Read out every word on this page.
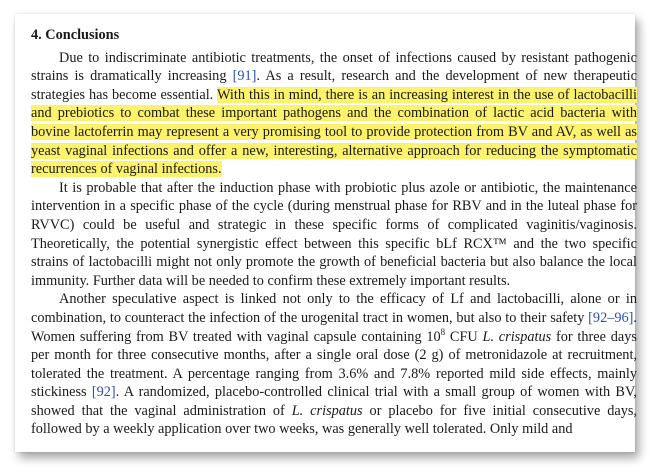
4. Conclusions

Due to indiscriminate antibiotic treatments, the onset of infections caused by resistant pathogenic strains is dramatically increasing [91]. As a result, research and the development of new therapeutic strategies has become essential. With this in mind, there is an increasing interest in the use of lactobacilli and prebiotics to combat these important pathogens and the combination of lactic acid bacteria with bovine lactoferrin may represent a very promising tool to provide protection from BV and AV, as well as yeast vaginal infections and offer a new, interesting, alternative approach for reducing the symptomatic recurrences of vaginal infections.

It is probable that after the induction phase with probiotic plus azole or antibiotic, the maintenance intervention in a specific phase of the cycle (during menstrual phase for RBV and in the luteal phase for RVVC) could be useful and strategic in these specific forms of complicated vaginitis/vaginosis. Theoretically, the potential synergistic effect between this specific bLf RCX™ and the two specific strains of lactobacilli might not only promote the growth of beneficial bacteria but also balance the local immunity. Further data will be needed to confirm these extremely important results.

Another speculative aspect is linked not only to the efficacy of Lf and lactobacilli, alone or in combination, to counteract the infection of the urogenital tract in women, but also to their safety [92–96]. Women suffering from BV treated with vaginal capsule containing $10^8$ CFU L. crispatus for three days per month for three consecutive months, after a single oral dose (2 g) of metronidazole at recruitment, tolerated the treatment. A percentage ranging from 3.6% and 7.8% reported mild side effects, mainly stickiness [92]. A randomized, placebo-controlled clinical trial with a small group of women with BV, showed that the vaginal administration of L. crispatus or placebo for five initial consecutive days, followed by a weekly application over two weeks, was generally well tolerated. Only mild and
